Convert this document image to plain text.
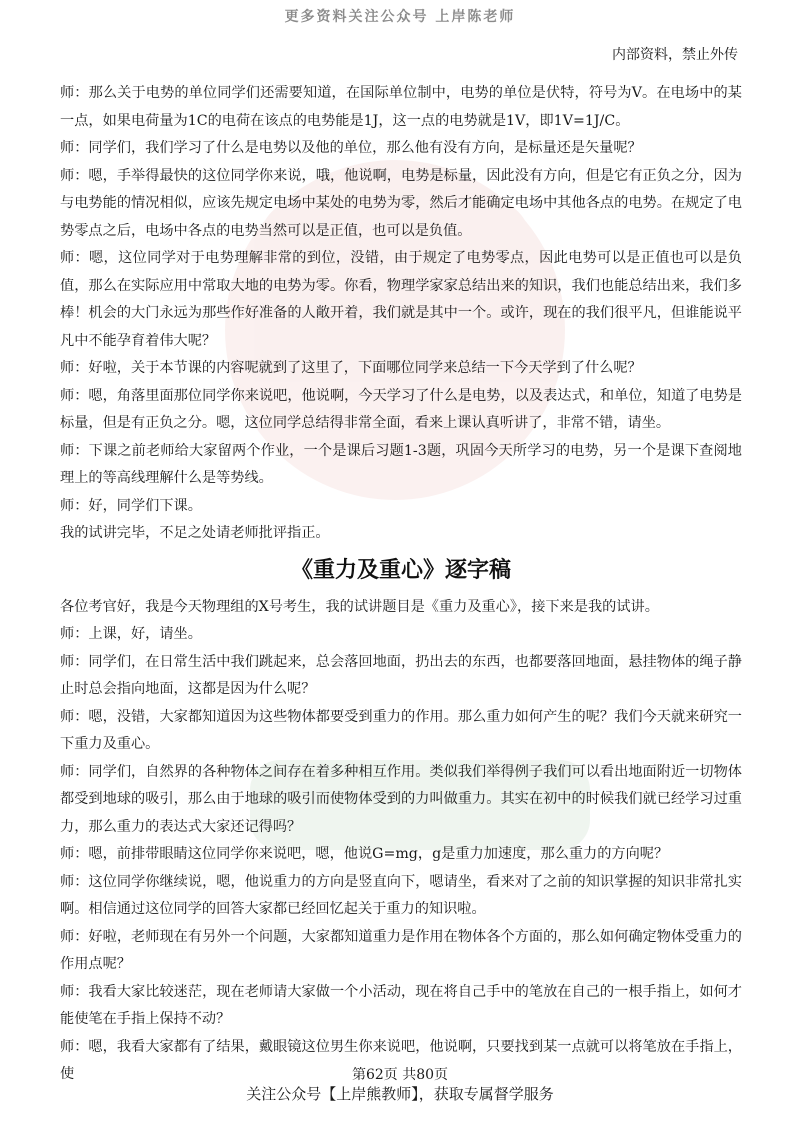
更多资料关注公众号 上岸陈老师
内部资料，禁止外传

师：那么关于电势的单位同学们还需要知道，在国际单位制中，电势的单位是伏特，符号为V。在电场中的某一点，如果电荷量为1C的电荷在该点的电势能是1J，这一点的电势就是1V，即1V=1J/C。

师：同学们，我们学习了什么是电势以及他的单位，那么他有没有方向，是标量还是矢量呢？

师：嗯，手举得最快的这位同学你来说，哦，他说啊，电势是标量，因此没有方向，但是它有正负之分，因为与电势能的情况相似，应该先规定电场中某处的电势为零，然后才能确定电场中其他各点的电势。在规定了电势零点之后，电场中各点的电势当然可以是正值，也可以是负值。

师：嗯，这位同学对于电势理解非常的到位，没错，由于规定了电势零点，因此电势可以是正值也可以是负值，那么在实际应用中常取大地的电势为零。你看，物理学家家总结出来的知识，我们也能总结出来，我们多棒！机会的大门永远为那些作好准备的人敞开着，我们就是其中一个。或许，现在的我们很平凡，但谁能说平凡中不能孕育着伟大呢？

师：好啦，关于本节课的内容呢就到了这里了，下面哪位同学来总结一下今天学到了什么呢？

师：嗯，角落里面那位同学你来说吧，他说啊，今天学习了什么是电势，以及表达式，和单位，知道了电势是标量，但是有正负之分。嗯，这位同学总结得非常全面，看来上课认真听讲了，非常不错，请坐。

师：下课之前老师给大家留两个作业，一个是课后习题1-3题，巩固今天所学习的电势，另一个是课下查阅地理上的等高线理解什么是等势线。

师：好，同学们下课。

我的试讲完毕，不足之处请老师批评指正。

《重力及重心》逐字稿

各位考官好，我是今天物理组的X号考生，我的试讲题目是《重力及重心》，接下来是我的试讲。

师：上课，好，请坐。

师：同学们，在日常生活中我们跳起来，总会落回地面，扔出去的东西，也都要落回地面，悬挂物体的绳子静止时总会指向地面，这都是因为什么呢？

师：嗯，没错，大家都知道因为这些物体都要受到重力的作用。那么重力如何产生的呢？我们今天就来研究一下重力及重心。

师：同学们，自然界的各种物体之间存在着多种相互作用。类似我们举得例子我们可以看出地面附近一切物体都受到地球的吸引，那么由于地球的吸引而使物体受到的力叫做重力。其实在初中的时候我们就已经学习过重力，那么重力的表达式大家还记得吗？

师：嗯，前排带眼睛这位同学你来说吧，嗯，他说G=mg，g是重力加速度，那么重力的方向呢？

师：这位同学你继续说，嗯，他说重力的方向是竖直向下，嗯请坐，看来对了之前的知识掌握的知识非常扎实啊。相信通过这位同学的回答大家都已经回忆起关于重力的知识啦。

师：好啦，老师现在有另外一个问题，大家都知道重力是作用在物体各个方面的，那么如何确定物体受重力的作用点呢？

师：我看大家比较迷茫，现在老师请大家做一个小活动，现在将自己手中的笔放在自己的一根手指上，如何才能使笔在手指上保持不动？

师：嗯，我看大家都有了结果，戴眼镜这位男生你来说吧，他说啊，只要找到某一点就可以将笔放在手指上，使	第62页 共80页
关注公众号【上岸熊教师】，获取专属督学服务
